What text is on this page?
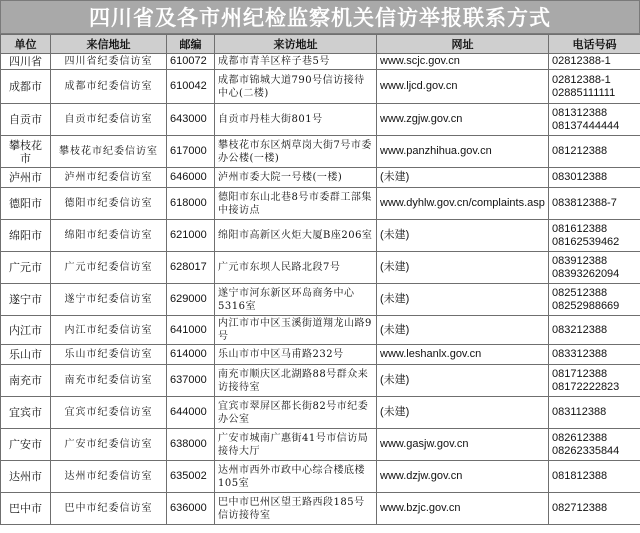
四川省及各市州纪检监察机关信访举报联系方式
单位	来信地址	邮编	来访地址	网址	电话号码
四川省	四川省纪委信访室	610072	成都市青羊区梓子巷5号	www.scjc.gov.cn	02812388-1

成都市	成都市纪委信访室	610042	成都市锦城大道790号信访接待中心(二楼)	www.ljcd.gov.cn	02812388-1
02885111111

自贡市	自贡市纪委信访室	643000	自贡市丹桂大街801号	www.zgjw.gov.cn	081312388
08137444444

攀枝花市	攀枝花市纪委信访室	617000	攀枝花市东区炳草岗大街7号市委办公楼(一楼)	www.panzhihua.gov.cn	081212388

泸州市	泸州市纪委信访室	646000	泸州市委大院一号楼(一楼)	(未建)	083012388

德阳市	德阳市纪委信访室	618000	德阳市东山北巷8号市委群工部集中接访点	www.dyhlw.gov.cn/complaints.asp	083812388-7

绵阳市	绵阳市纪委信访室	621000	绵阳市高新区火炬大厦B座206室	(未建)	081612388
08162539462

广元市	广元市纪委信访室	628017	广元市东坝人民路北段7号	(未建)	083912388
08393262094

遂宁市	遂宁市纪委信访室	629000	遂宁市河东新区环岛商务中心5316室	(未建)	082512388
08252988669

内江市	内江市纪委信访室	641000	内江市市中区玉溪街道翔龙山路9号	(未建)	083212388

乐山市	乐山市纪委信访室	614000	乐山市市中区马甫路232号	www.leshanlx.gov.cn	083312388

南充市	南充市纪委信访室	637000	南充市顺庆区北湖路88号群众来访接待室	(未建)	081712388
08172222823

宜宾市	宜宾市纪委信访室	644000	宜宾市翠屏区都长街82号市纪委办公室	(未建)	083112388

广安市	广安市纪委信访室	638000	广安市城南广惠街41号市信访局接待大厅	www.gasjw.gov.cn	082612388
08262335844

达州市	达州市纪委信访室	635002	达州市西外市政中心综合楼底楼105室	www.dzjw.gov.cn	081812388

巴中市	巴中市纪委信访室	636000	巴中市巴州区望王路西段185号信访接待室	www.bzjc.gov.cn	082712388
